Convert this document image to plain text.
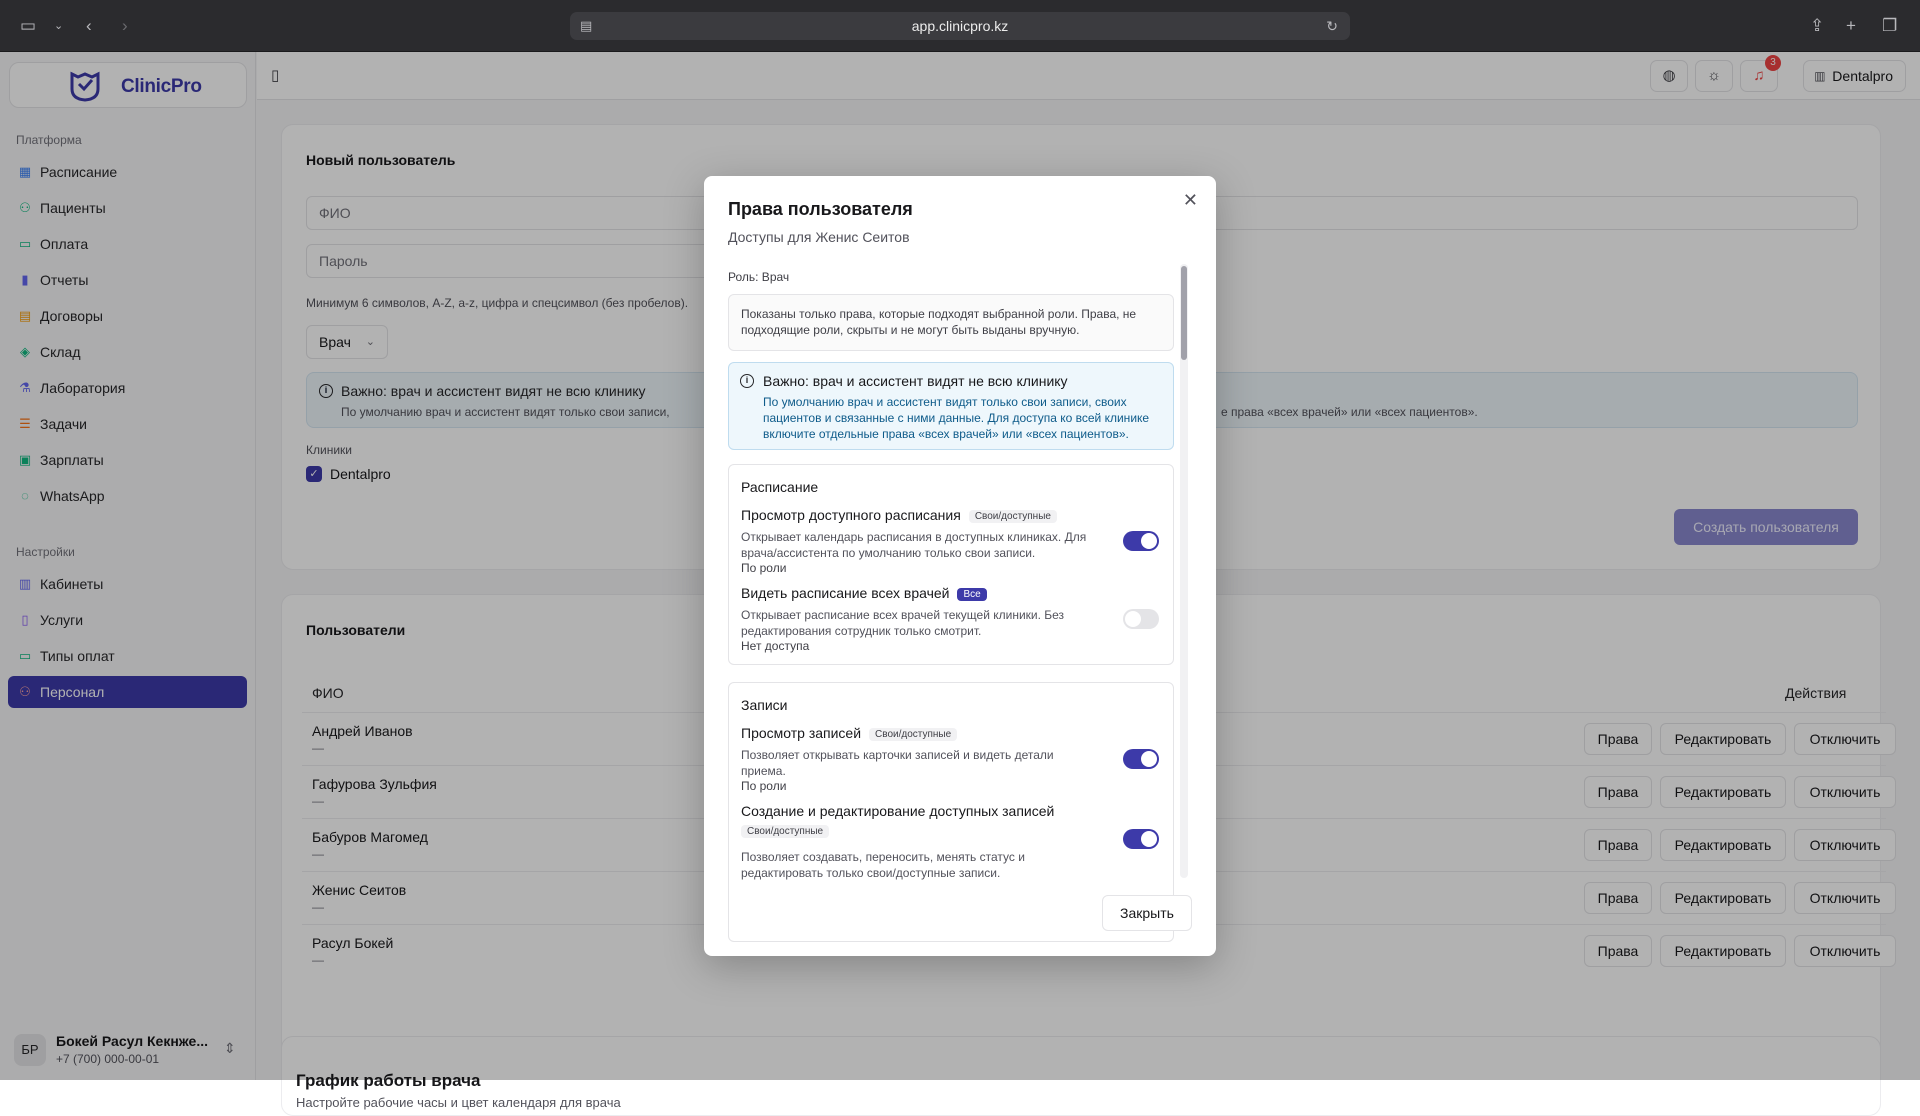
▭ ⌄ ‹ ›	▤	app.clinicpro.kz	↻	⇪ + ❐
ClinicPro
Платформа
▦ Расписание
⚇ Пациенты
▭ Оплата
▮ Отчеты
▤ Договоры
◈ Склад
⚗ Лаборатория
☰ Задачи
▣ Зарплаты
◌ WhatsApp
Настройки
▥ Кабинеты
▯ Услуги
▭ Типы оплат
⚇ Персонал
БР
Бокей Расул Кекнже...
+7 (700) 000-00-01
⇕
▯	◍	☼	♫
3
▥ Dentalpro
Новый пользователь
ФИО
Пароль
Минимум 6 символов, A-Z, a-z, цифра и спецсимвол (без пробелов).
Врач ⌄
i Важно: врач и ассистент видят не всю клинику
По умолчанию врач и ассистент видят только свои записи,	е права «всех врачей» или «всех пациентов».
Клиники
✓ Dentalpro
Создать пользователя
Пользователи
ФИО	Действия
Андрей Иванов
—
Права	Редактировать	Отключить
Гафурова Зульфия
—
Права	Редактировать	Отключить
Бабуров Магомед
—
Права	Редактировать	Отключить
Женис Сеитов
—
Права	Редактировать	Отключить
Расул Бокей
—
Права	Редактировать	Отключить
График работы врача
Настройте рабочие часы и цвет календаря для врача
✕
Права пользователя
Доступы для Женис Сеитов
Роль: Врач
Показаны только права, которые подходят выбранной роли. Права, не подходящие роли, скрыты и не могут быть выданы вручную.
i	Важно: врач и ассистент видят не всю клинику
По умолчанию врач и ассистент видят только свои записи, своих пациентов и связанные с ними данные. Для доступа ко всей клинике включите отдельные права «всех врачей» или «всех пациентов».
Расписание
Просмотр доступного расписания Свои/доступные
Открывает календарь расписания в доступных клиниках. Для врача/ассистента по умолчанию только свои записи.
По роли
Видеть расписание всех врачей Все
Открывает расписание всех врачей текущей клиники. Без редактирования сотрудник только смотрит.
Нет доступа
Записи
Просмотр записей Свои/доступные
Позволяет открывать карточки записей и видеть детали приема.
По роли
Создание и редактирование доступных записей
Свои/доступные
Позволяет создавать, переносить, менять статус и редактировать только свои/доступные записи.
Закрыть
